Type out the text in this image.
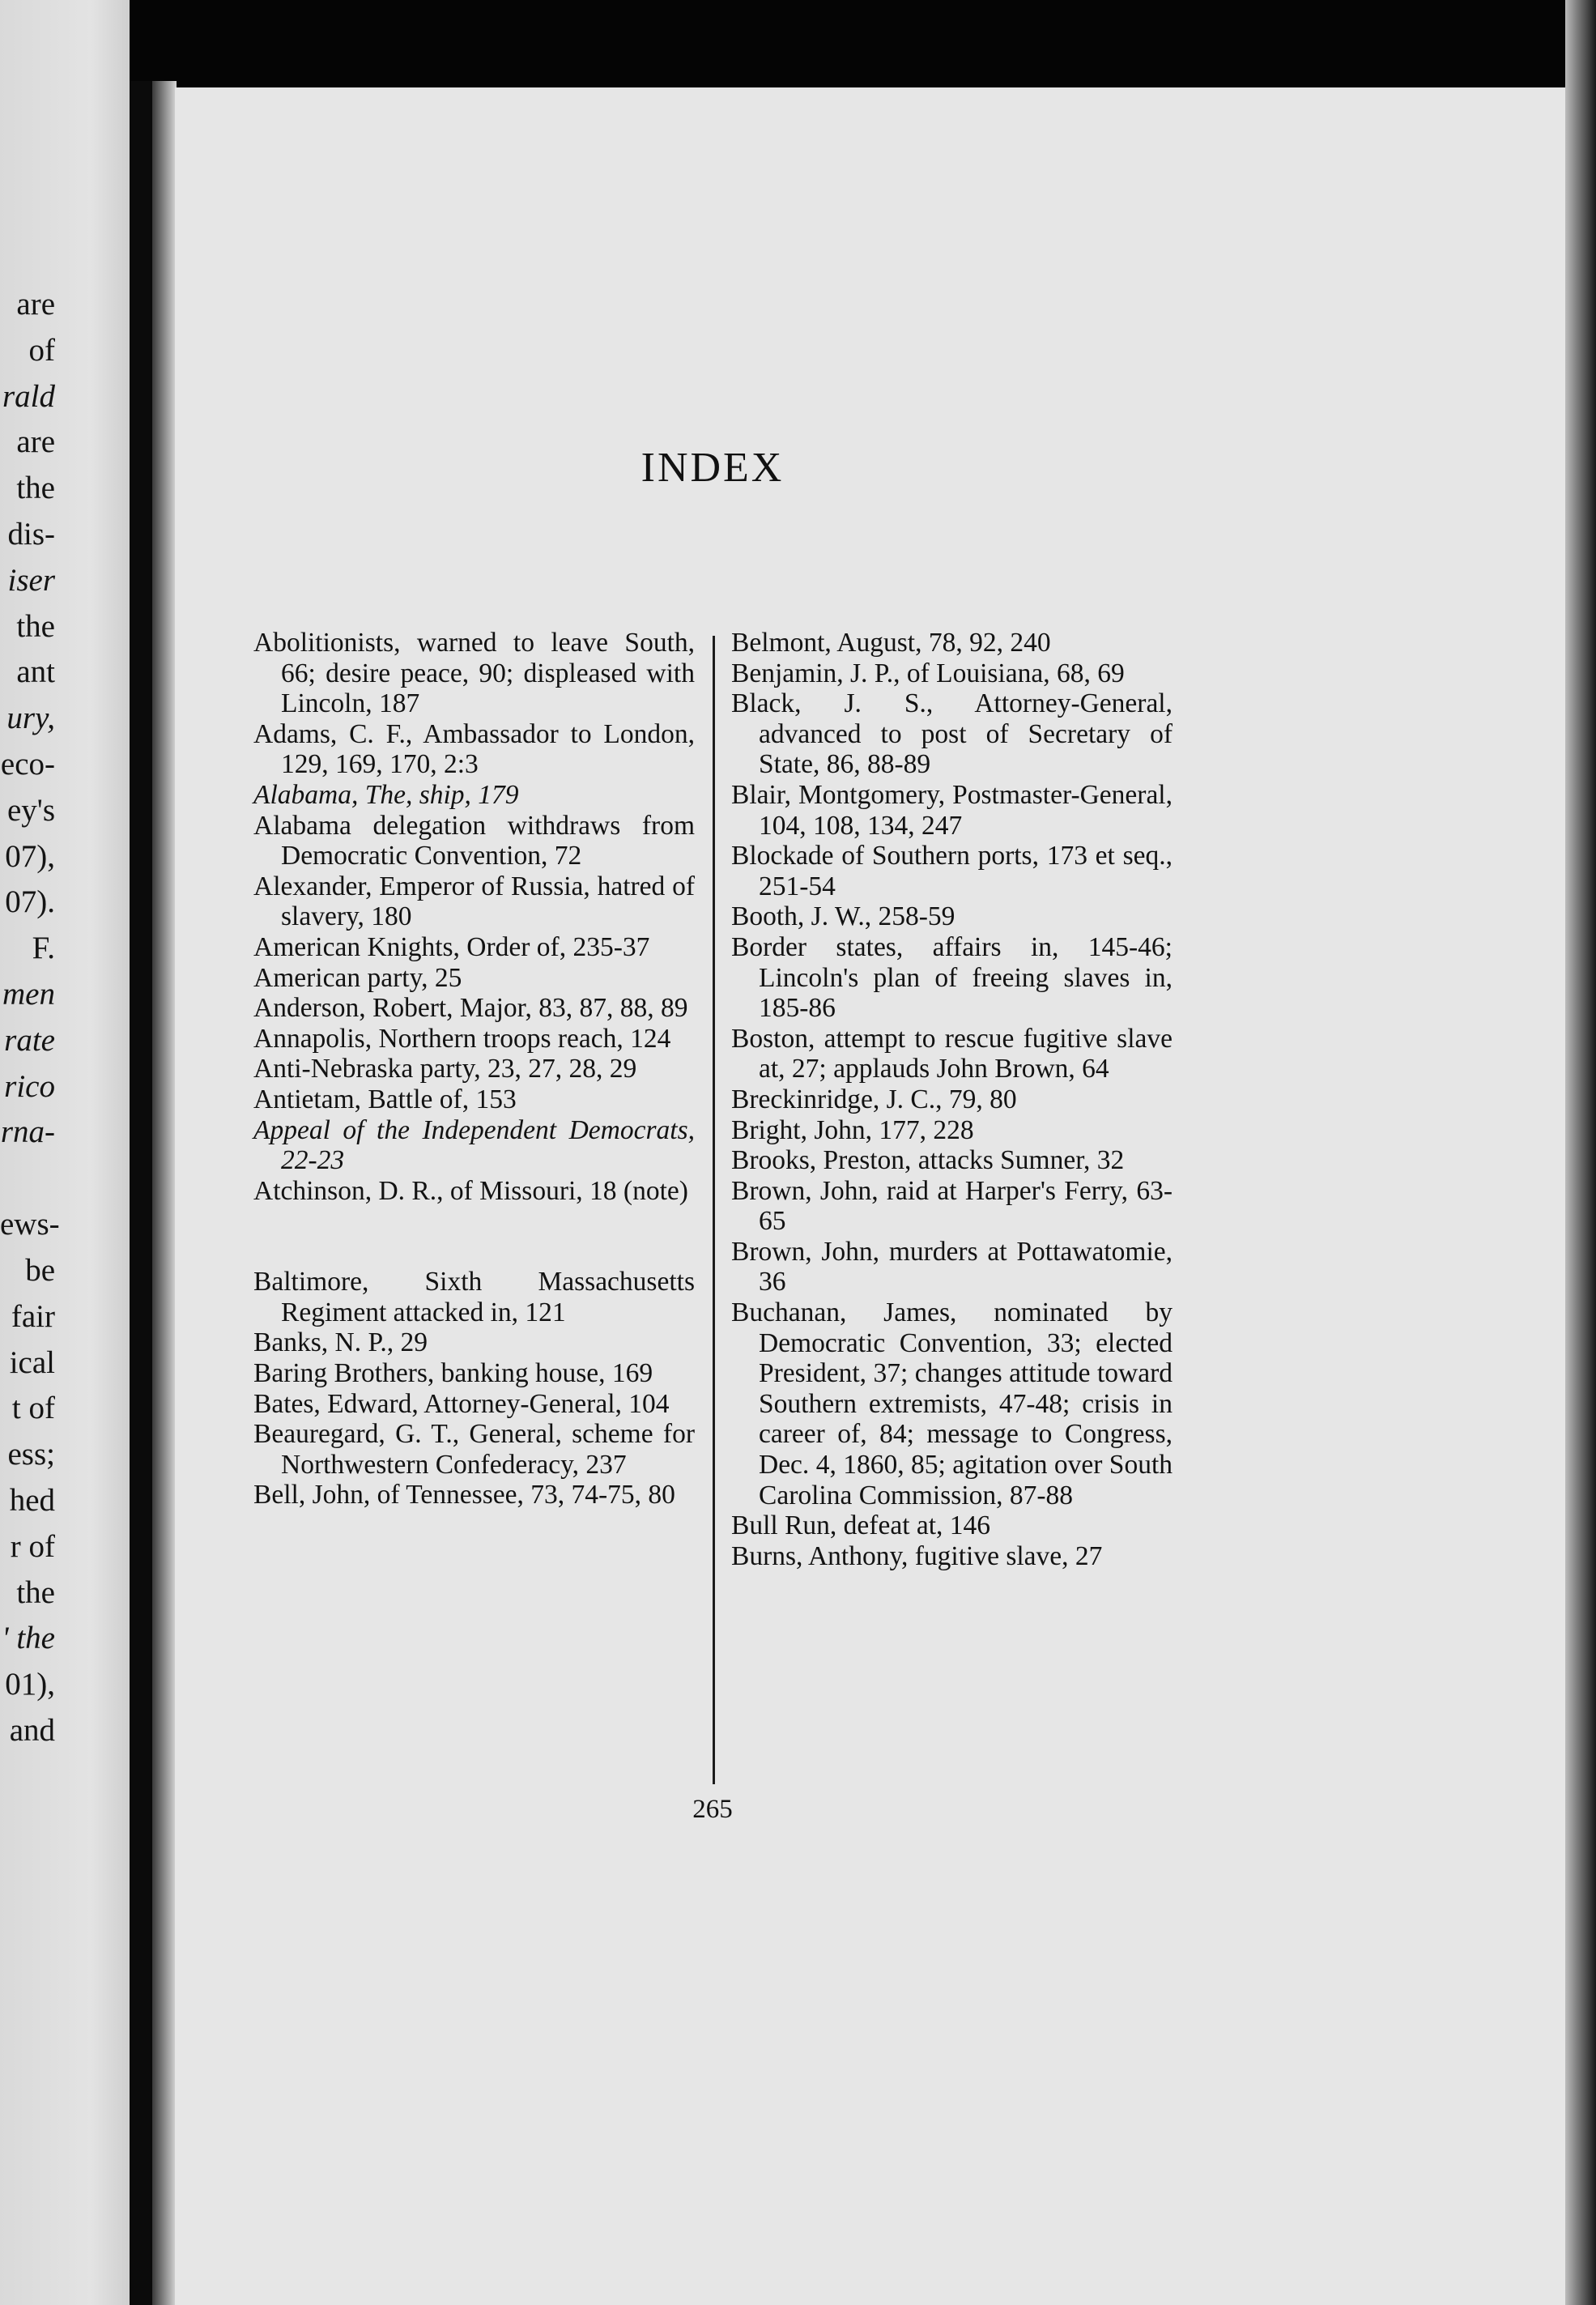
are
of
rald
are
the
dis-
iser
the
ant
ury,
eco-
ey's
07),
07).
F.
men
rate
rico
rna-
ews-
be
fair
ical
t of
ess;
hed
r of
the
' the
01),
and
INDEX

Abolitionists, warned to leave South, 66; desire peace, 90; displeased with Lincoln, 187

Adams, C. F., Ambassador to London, 129, 169, 170, 2:3

Alabama, The, ship, 179

Alabama delegation withdraws from Democratic Convention, 72

Alexander, Emperor of Russia, hatred of slavery, 180

American Knights, Order of, 235-37

American party, 25

Anderson, Robert, Major, 83, 87, 88, 89

Annapolis, Northern troops reach, 124

Anti-Nebraska party, 23, 27, 28, 29

Antietam, Battle of, 153

Appeal of the Independent Democrats, 22-23

Atchinson, D. R., of Missouri, 18 (note)

Baltimore, Sixth Massachusetts Regiment attacked in, 121

Banks, N. P., 29

Baring Brothers, banking house, 169

Bates, Edward, Attorney-General, 104

Beauregard, G. T., General, scheme for Northwestern Confederacy, 237

Bell, John, of Tennessee, 73, 74-75, 80

Belmont, August, 78, 92, 240

Benjamin, J. P., of Louisiana, 68, 69

Black, J. S., Attorney-General, advanced to post of Secretary of State, 86, 88-89

Blair, Montgomery, Postmaster-General, 104, 108, 134, 247

Blockade of Southern ports, 173 et seq., 251-54

Booth, J. W., 258-59

Border states, affairs in, 145-46; Lincoln's plan of freeing slaves in, 185-86

Boston, attempt to rescue fugitive slave at, 27; applauds John Brown, 64

Breckinridge, J. C., 79, 80

Bright, John, 177, 228

Brooks, Preston, attacks Sumner, 32

Brown, John, raid at Harper's Ferry, 63-65

Brown, John, murders at Pottawatomie, 36

Buchanan, James, nominated by Democratic Convention, 33; elected President, 37; changes attitude toward Southern extremists, 47-48; crisis in career of, 84; message to Congress, Dec. 4, 1860, 85; agitation over South Carolina Commission, 87-88

Bull Run, defeat at, 146

Burns, Anthony, fugitive slave, 27

265
